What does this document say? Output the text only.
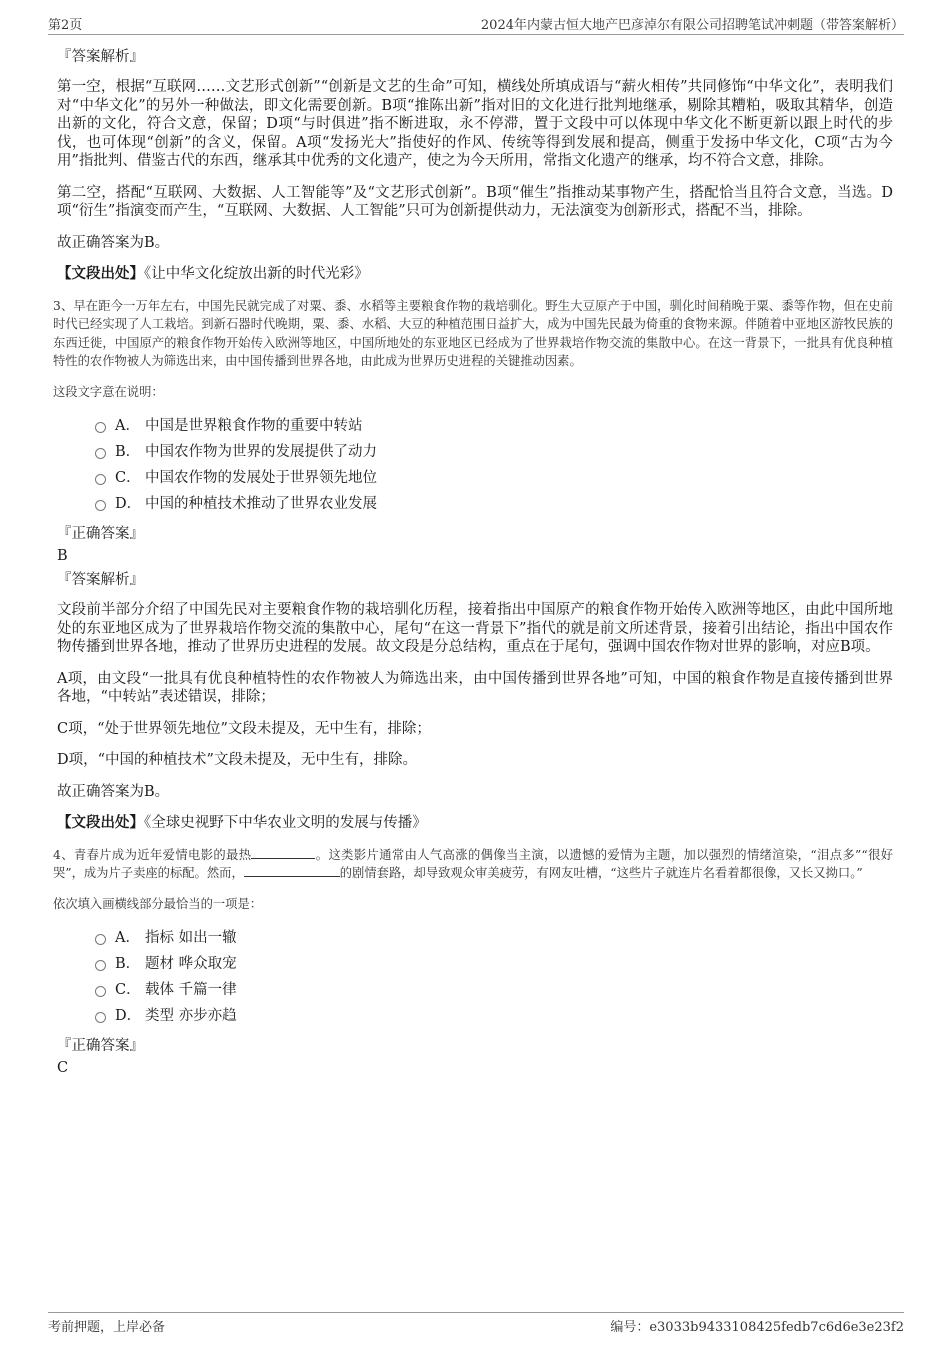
第2页	2024年内蒙古恒大地产巴彦淖尔有限公司招聘笔试冲刺题（带答案解析）
『答案解析』

第一空，根据“互联网……文艺形式创新”“创新是文艺的生命”可知，横线处所填成语与“薪火相传”共同修饰“中华文化”，表明我们对“中华文化”的另外一种做法，即文化需要创新。B项“推陈出新”指对旧的文化进行批判地继承，剔除其糟粕，吸取其精华，创造出新的文化，符合文意，保留；D项“与时俱进”指不断进取，永不停滞，置于文段中可以体现中华文化不断更新以跟上时代的步伐，也可体现“创新”的含义，保留。A项“发扬光大”指使好的作风、传统等得到发展和提高，侧重于发扬中华文化，C项“古为今用”指批判、借鉴古代的东西，继承其中优秀的文化遗产，使之为今天所用，常指文化遗产的继承，均不符合文意，排除。

第二空，搭配“互联网、大数据、人工智能等”及“文艺形式创新”。B项“催生”指推动某事物产生，搭配恰当且符合文意，当选。D项“衍生”指演变而产生，“互联网、大数据、人工智能”只可为创新提供动力，无法演变为创新形式，搭配不当，排除。

故正确答案为B。

【文段出处】《让中华文化绽放出新的时代光彩》

3、早在距今一万年左右，中国先民就完成了对粟、黍、水稻等主要粮食作物的栽培驯化。野生大豆原产于中国，驯化时间稍晚于粟、黍等作物，但在史前时代已经实现了人工栽培。到新石器时代晚期，粟、黍、水稻、大豆的种植范围日益扩大，成为中国先民最为倚重的食物来源。伴随着中亚地区游牧民族的东西迁徙，中国原产的粮食作物开始传入欧洲等地区，中国所地处的东亚地区已经成为了世界栽培作物交流的集散中心。在这一背景下，一批具有优良种植特性的农作物被人为筛选出来，由中国传播到世界各地，由此成为世界历史进程的关键推动因素。

这段文字意在说明：

A． 中国是世界粮食作物的重要中转站
B． 中国农作物为世界的发展提供了动力
C． 中国农作物的发展处于世界领先地位
D． 中国的种植技术推动了世界农业发展
『正确答案』
B
『答案解析』

文段前半部分介绍了中国先民对主要粮食作物的栽培驯化历程，接着指出中国原产的粮食作物开始传入欧洲等地区，由此中国所地处的东亚地区成为了世界栽培作物交流的集散中心，尾句“在这一背景下”指代的就是前文所述背景，接着引出结论，指出中国农作物传播到世界各地，推动了世界历史进程的发展。故文段是分总结构，重点在于尾句，强调中国农作物对世界的影响，对应B项。

A项，由文段“一批具有优良种植特性的农作物被人为筛选出来，由中国传播到世界各地”可知，中国的粮食作物是直接传播到世界各地，“中转站”表述错误，排除；

C项，“处于世界领先地位”文段未提及，无中生有，排除；

D项，“中国的种植技术”文段未提及，无中生有，排除。

故正确答案为B。

【文段出处】《全球史视野下中华农业文明的发展与传播》

4、青春片成为近年爱情电影的最热	。这类影片通常由人气高涨的偶像当主演，以遗憾的爱情为主题，加以强烈的情绪渲染，“泪点多”“很好哭”，成为片子卖座的标配。然而，	的剧情套路，却导致观众审美疲劳，有网友吐槽，“这些片子就连片名看着都很像，又长又拗口。”

依次填入画横线部分最恰当的一项是：

A． 指标 如出一辙
B． 题材 哗众取宠
C． 载体 千篇一律
D． 类型 亦步亦趋
『正确答案』
C
考前押题，上岸必备	编号：e3033b9433108425fedb7c6d6e3e23f2
